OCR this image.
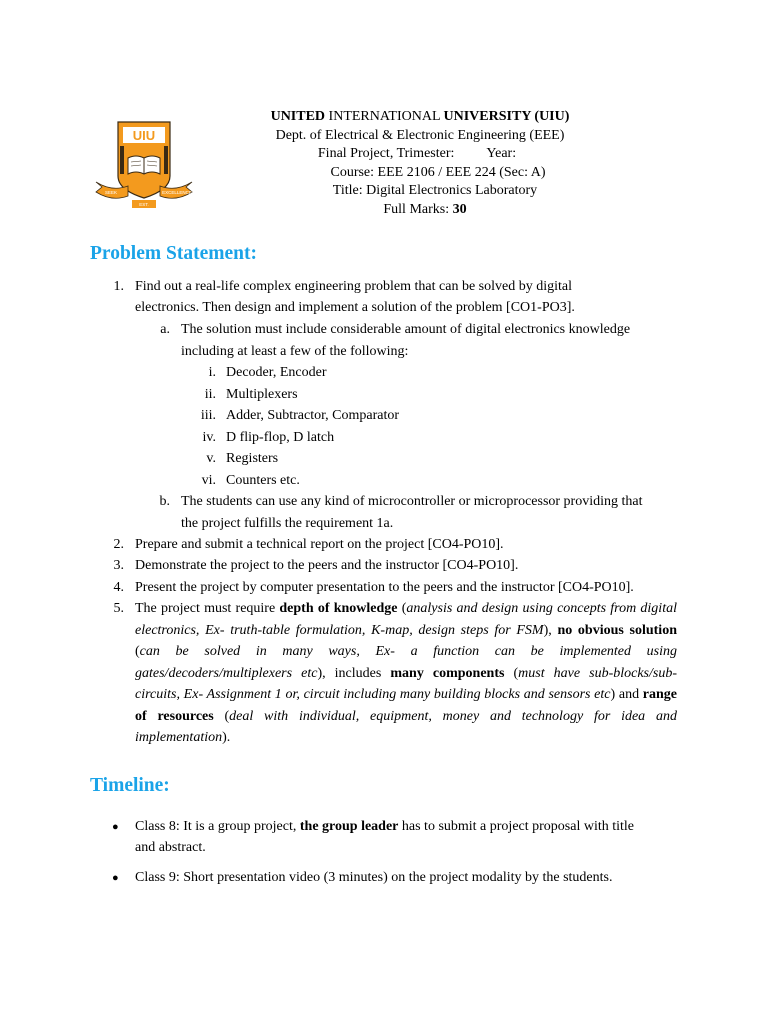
UIU
SEEK	EXCELLENCE
EST.
UNITED INTERNATIONAL UNIVERSITY (UIU)
Dept. of Electrical & Electronic Engineering (EEE)
Final Project, Trimester: Year:
Course: EEE 2106 / EEE 224 (Sec: A)
Title: Digital Electronics Laboratory
Full Marks: 30
Problem Statement:
1. Find out a real-life complex engineering problem that can be solved by digital
electronics. Then design and implement a solution of the problem [CO1-PO3].
a. The solution must include considerable amount of digital electronics knowledge
including at least a few of the following:
i. Decoder, Encoder
ii. Multiplexers
iii. Adder, Subtractor, Comparator
iv. D flip-flop, D latch
v. Registers
vi. Counters etc.
b. The students can use any kind of microcontroller or microprocessor providing that
the project fulfills the requirement 1a.
2. Prepare and submit a technical report on the project [CO4-PO10].
3. Demonstrate the project to the peers and the instructor [CO4-PO10].
4. Present the project by computer presentation to the peers and the instructor [CO4-PO10].
5. The project must require depth of knowledge (analysis and design using concepts from digital electronics, Ex- truth-table formulation, K-map, design steps for FSM), no obvious solution (can be solved in many ways, Ex- a function can be implemented using gates/decoders/multiplexers etc), includes many components (must have sub-blocks/sub-circuits, Ex- Assignment 1 or, circuit including many building blocks and sensors etc) and range of resources (deal with individual, equipment, money and technology for idea and implementation).
Timeline:
● Class 8: It is a group project, the group leader has to submit a project proposal with title
and abstract.
● Class 9: Short presentation video (3 minutes) on the project modality by the students.
